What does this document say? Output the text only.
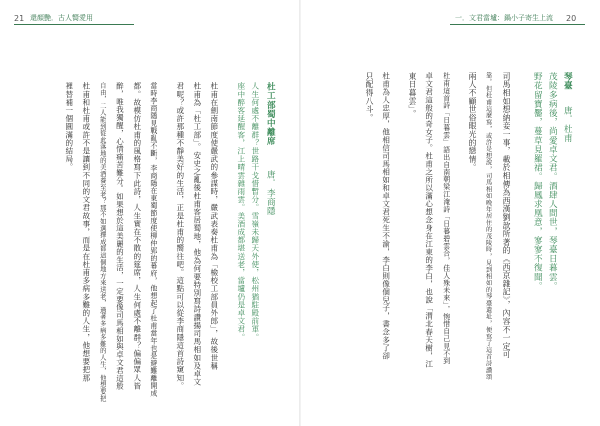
21 還顏艷．古人嚮愛用
杜工部蜀中離席
唐．李商隱
人生何處不離群？世路干戈惜暫分。雪嶺未歸天外使，松州猶駐殿前軍。
座中醉客延醒客，江上晴雲雜雨雲。美酒成都堪送老，當壚仍是卓文君。
杜甫在劍南節度使嚴武的參謀時，嚴武表奏杜甫為「檢校工部員外郎」，故後世稱
杜甫為「杜工部」。安史之亂後杜甫客居蜀地，他為何要特別寫詩讚揚司馬相如及卓文
君呢？或許那種不靜美好的生活，正是杜甫的嚮往吧。這點可以從李商隱這首詩窺知。
當時李商隱見戰亂不斷，李商隱在東蜀節度使柳仲郢的幕府，他想起了杜甫當年也是避難離開成
都。故模仿杜甫的風格寫下此詩，人生實在不散的筵席，人生何處不離群？偏偏眾人皆
醉，唯我獨醒，心情痛苦難分。如果想於這美麗的生活，一定要像司馬相如與卓文君這般
自由，二人能到從此落地的美酒養至老？那不如選擇成都這個地方來送老，過著多病多難的人生，他想要把
杜甫和杜甫或許不是讓到不同的文君故事，而是在杜甫多病多難的人生，他想要把那
裡替補一個圓滿的結局。
一．文君當壚：鍋小子寄生上流 20
琴臺
唐．杜甫
茂陵多病後，尚愛卓文君。酒肆人間世，琴臺日暮雲。
野花留寶靨，蔓草見羅裙。歸鳳求凰意，寥寥不復聞。
司馬相如想納妾一事，載於相傳為西漢劉歆所著的《西京雜記》，內容不一定可
靠。但杜甫這麼寫，或許是想說，司馬相如晚年居住的茂陵時，見到相如的琴臺遺址，便寫了這首詩讚頌
兩人不顧世俗眼光的戀情。
杜甫這首詩「日暮雲」語出自南朝梁江淹詩「日暮碧雲合，佳人殊未來」，惋惜自己見不到
卓文君這般的奇女子。杜甫之所以滿心想念身在江東的李白，也說「渭北春天樹，江
東日暮雲」。
杜甫為人忠厚，他相信司馬相如和卓文君死生不渝，李白則像個兒子，書念多了卻
只配得八斗。
